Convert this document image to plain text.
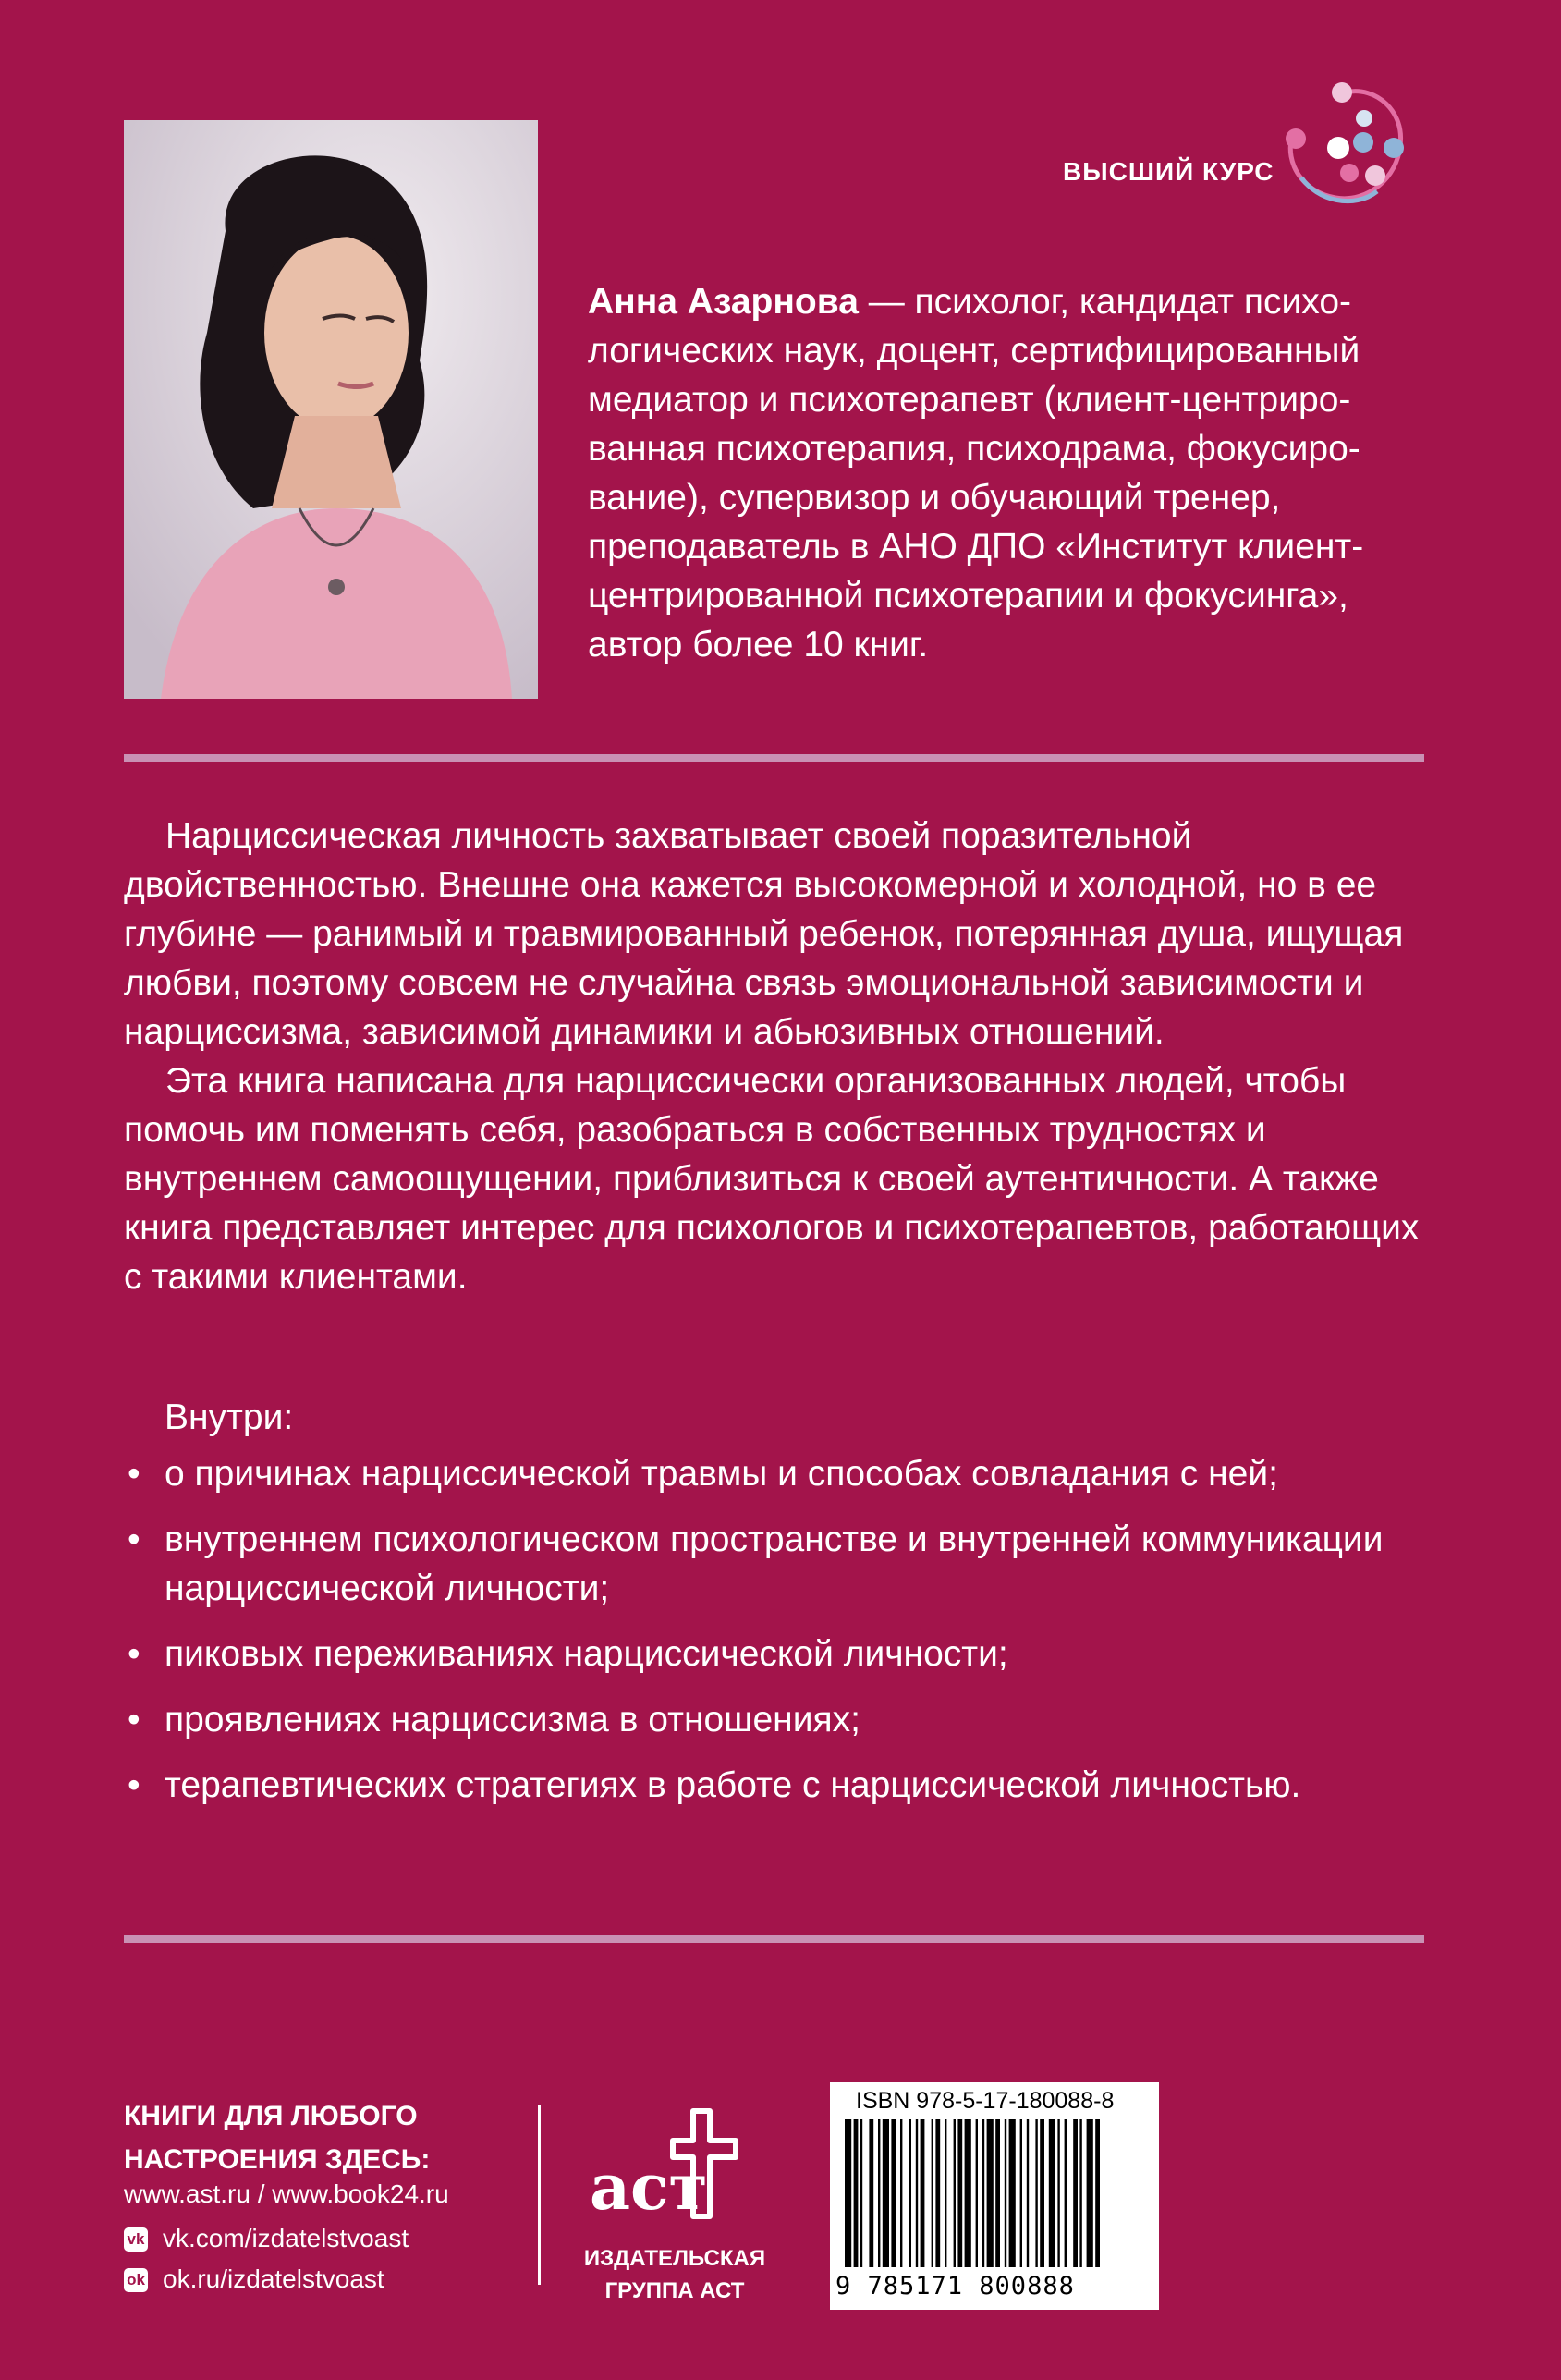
ВЫСШИЙ КУРС
Анна Азарнова — психолог, кандидат психо-
логических наук, доцент, сертифицированный
медиатор и психотерапевт (клиент-центриро-
ванная психотерапия, психодрама, фокусиро-
вание), супервизор и обучающий тренер,
преподаватель в АНО ДПО «Институт клиент-
центрированной психотерапии и фокусинга»,
автор более 10 книг.

Нарциссическая личность захватывает своей поразительной двойственностью. Внешне она кажется высокомерной и холодной, но в ее глубине — ранимый и травмированный ребенок, потерянная душа, ищущая любви, поэтому совсем не случайна связь эмоциональной зависимости и нарциссизма, зависимой динамики и абьюзивных отношений.

Эта книга написана для нарциссически организованных людей, чтобы помочь им поменять себя, разобраться в собственных трудностях и внутреннем самоощущении, приблизиться к своей аутентичности. А также книга представляет интерес для психологов и психотерапевтов, работающих с такими клиентами.

Внутри:
• о причинах нарциссической травмы и способах совладания с ней;
• внутреннем психологическом пространстве и внутренней коммуникации нарциссической личности;
• пиковых переживаниях нарциссической личности;
• проявлениях нарциссизма в отношениях;
• терапевтических стратегиях в работе с нарциссической личностью.
КНИГИ ДЛЯ ЛЮБОГО
НАСТРОЕНИЯ ЗДЕСЬ:
www.ast.ru / www.book24.ru
vk vk.com/izdatelstvoast
ok ok.ru/izdatelstvoast
аст
ИЗДАТЕЛЬСКАЯ
ГРУППА АСТ
ISBN 978-5-17-180088-8
9 785171 800888
